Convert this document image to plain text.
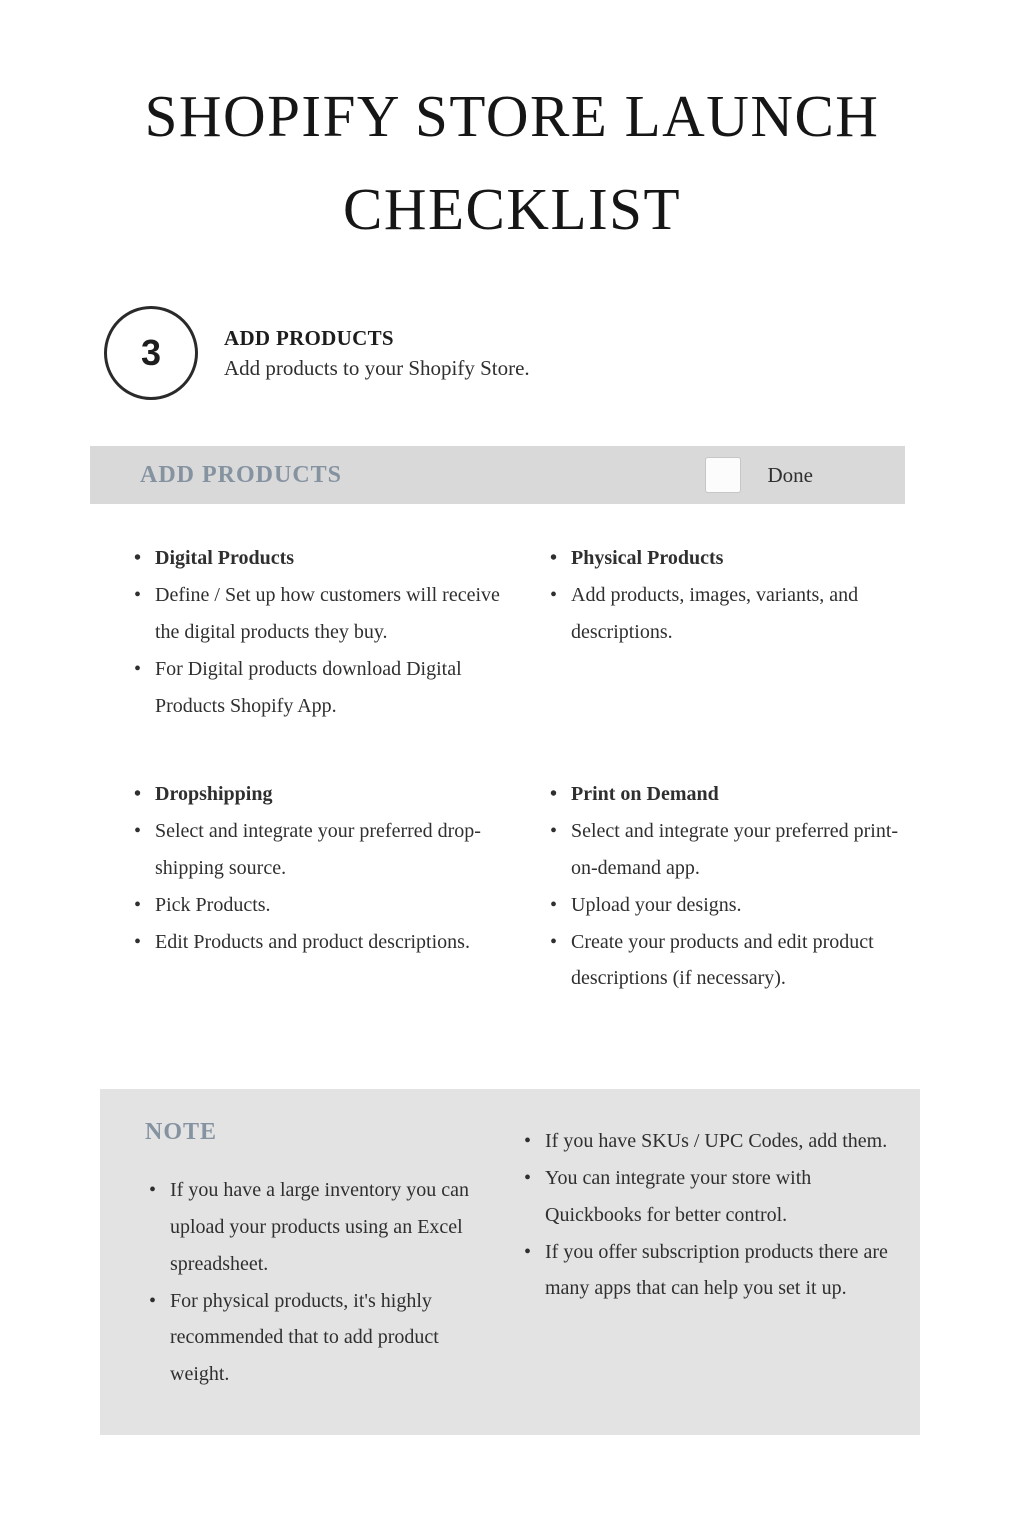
SHOPIFY STORE LAUNCH
CHECKLIST
3	ADD PRODUCTS
Add products to your Shopify Store.
ADD PRODUCTS	Done
• Digital Products
• Define / Set up how customers will receive the digital products they buy.
• For Digital products download Digital Products Shopify App.
• Physical Products
• Add products, images, variants, and descriptions.
• Dropshipping
• Select and integrate your preferred drop-shipping source.
• Pick Products.
• Edit Products and product descriptions.
• Print on Demand
• Select and integrate your preferred print-on-demand app.
• Upload your designs.
• Create your products and edit product descriptions (if necessary).
NOTE
• If you have a large inventory you can upload your products using an Excel spreadsheet.
• For physical products, it's highly recommended that to add product weight.
• If you have SKUs / UPC Codes, add them.
• You can integrate your store with Quickbooks for better control.
• If you offer subscription products there are many apps that can help you set it up.
